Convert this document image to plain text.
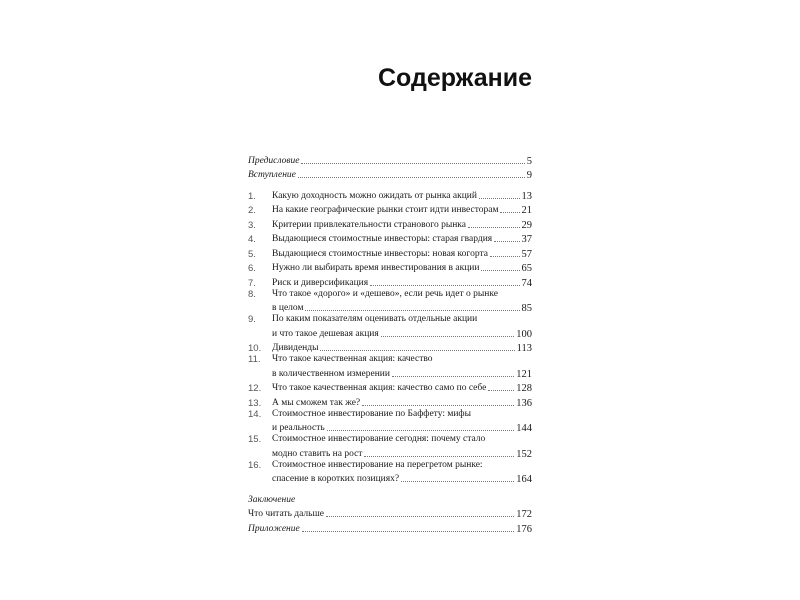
Содержание
Предисловие	5
Вступление	9
1.	Какую доходность можно ожидать от рынка акций	13
2.	На какие географические рынки стоит идти инвесторам 21
3.	Критерии привлекательности странового рынка	29
4.	Выдающиеся стоимостные инвесторы: старая гвардия	37
5.	Выдающиеся стоимостные инвесторы: новая когорта	57
6.	Нужно ли выбирать время инвестирования в акции	65
7.	Риск и диверсификация	74
8.	Что такое «дорого» и «дешево», если речь идет о рынке
в целом	85
9.	По каким показателям оценивать отдельные акции
и что такое дешевая акция	100
10.	Дивиденды	113
11.	Что такое качественная акция: качество
в количественном измерении	121
12.	Что такое качественная акция: качество само по себе	128
13.	А мы сможем так же?	136
14.	Стоимостное инвестирование по Баффету: мифы
и реальность	144
15.	Стоимостное инвестирование сегодня: почему стало
модно ставить на рост	152
16.	Стоимостное инвестирование на перегретом рынке:
спасение в коротких позициях?	164
Заключение
Что читать дальше	172
Приложение	176
